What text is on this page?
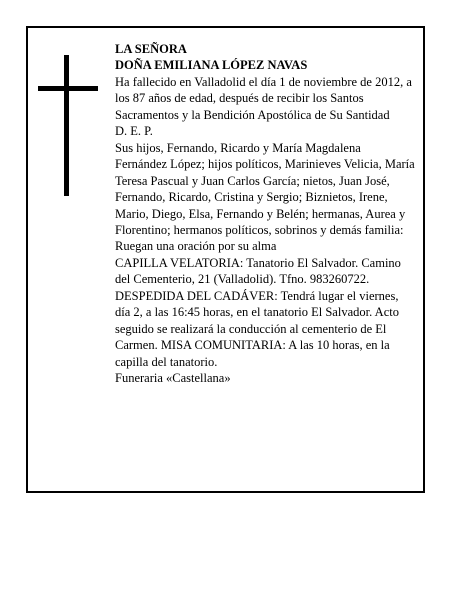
LA SEÑORA

DOÑA EMILIANA LÓPEZ NAVAS

Ha fallecido en Valladolid el día 1 de noviembre de 2012, a los 87 años de edad, después de recibir los Santos Sacramentos y la Bendición Apostólica de Su Santidad

D. E. P.

Sus hijos, Fernando, Ricardo y María Magdalena Fernández López; hijos políticos, Marinieves Velicia, María Teresa Pascual y Juan Carlos García; nietos, Juan José, Fernando, Ricardo, Cristina y Sergio; Biznietos, Irene, Mario, Diego, Elsa, Fernando y Belén; hermanas, Aurea y Florentino; hermanos políticos, sobrinos y demás familia:

Ruegan una oración por su alma

CAPILLA VELATORIA: Tanatorio El Salvador. Camino del Cementerio, 21 (Valladolid). Tfno. 983260722.

DESPEDIDA DEL CADÁVER: Tendrá lugar el viernes, día 2, a las 16:45 horas, en el tanatorio El Salvador. Acto seguido se realizará la conducción al cementerio de El Carmen. MISA COMUNITARIA: A las 10 horas, en la capilla del tanatorio.

Funeraria «Castellana»
